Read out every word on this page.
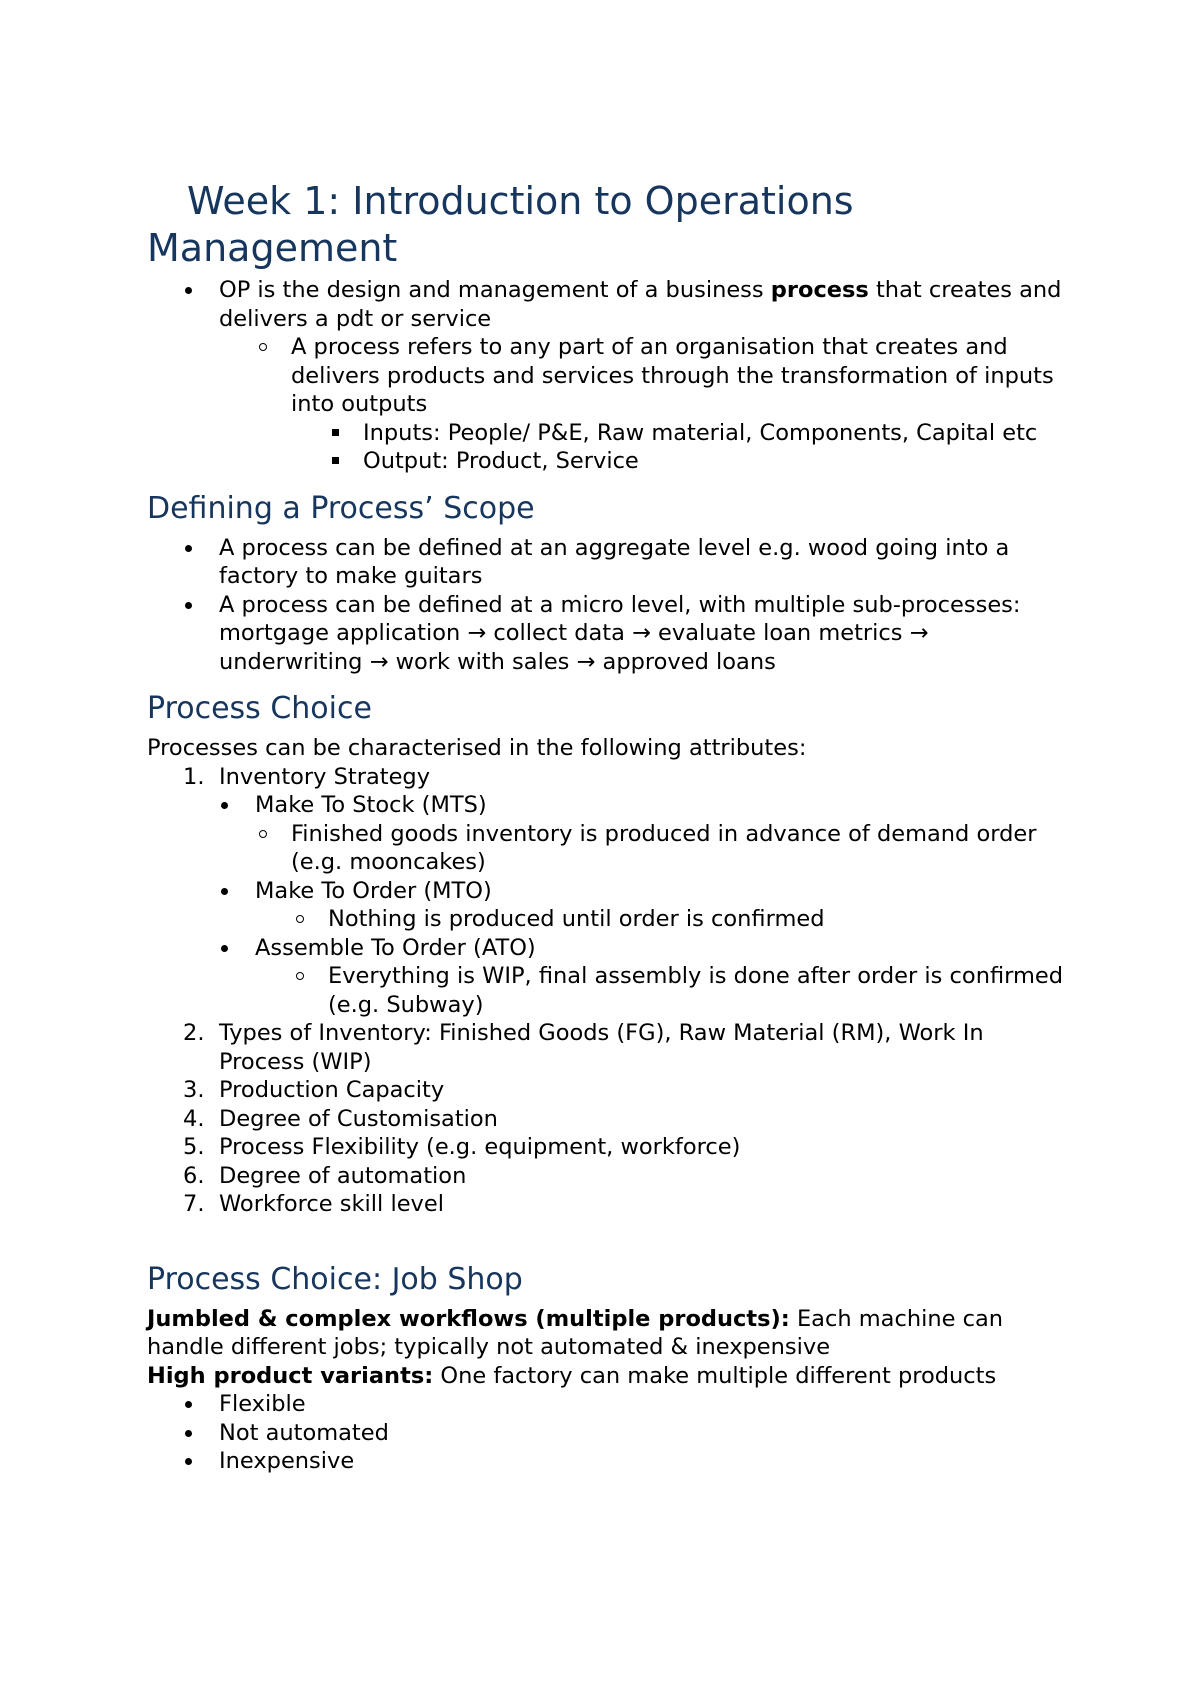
Week 1: Introduction to Operations
Management
OP is the design and management of a business process that creates and delivers a pdt or service
A process refers to any part of an organisation that creates and delivers products and services through the transformation of inputs into outputs
Inputs: People/ P&E, Raw material, Components, Capital etc
Output: Product, Service
Defining a Process’ Scope
A process can be defined at an aggregate level e.g. wood going into a factory to make guitars
A process can be defined at a micro level, with multiple sub-processes: mortgage application → collect data → evaluate loan metrics → underwriting → work with sales → approved loans
Process Choice

Processes can be characterised in the following attributes:

1. Inventory Strategy
Make To Stock (MTS)
Finished goods inventory is produced in advance of demand order (e.g. mooncakes)
Make To Order (MTO)
Nothing is produced until order is confirmed
Assemble To Order (ATO)
Everything is WIP, final assembly is done after order is confirmed (e.g. Subway)
2. Types of Inventory: Finished Goods (FG), Raw Material (RM), Work In Process (WIP)
3. Production Capacity
4. Degree of Customisation
5. Process Flexibility (e.g. equipment, workforce)
6. Degree of automation
7. Workforce skill level
Process Choice: Job Shop

Jumbled & complex workflows (multiple products): Each machine can handle different jobs; typically not automated & inexpensive

High product variants: One factory can make multiple different products

Flexible
Not automated
Inexpensive
